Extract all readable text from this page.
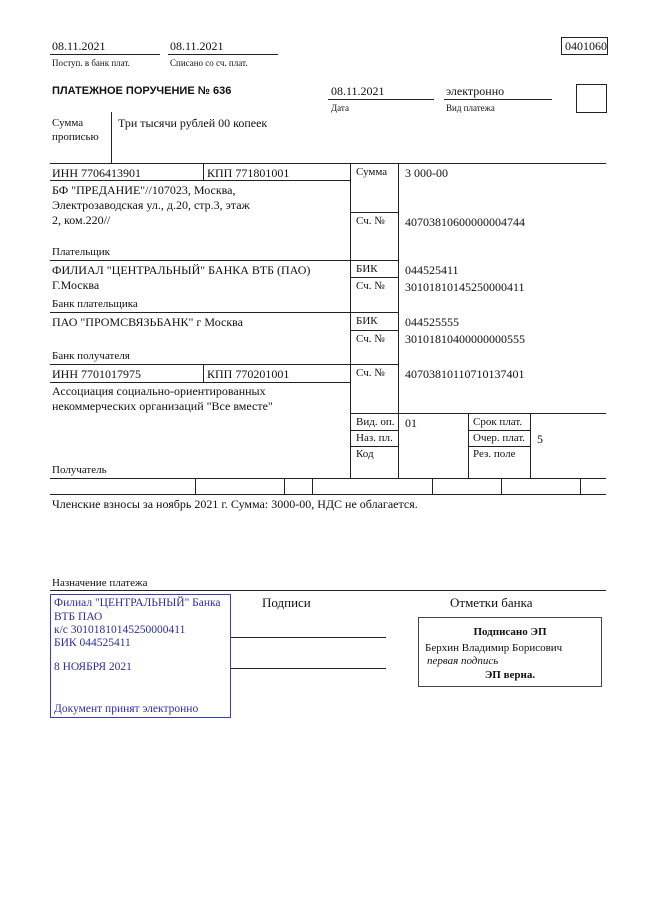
08.11.2021
Поступ. в банк плат.
08.11.2021
Списано со сч. плат.
0401060
ПЛАТЕЖНОЕ ПОРУЧЕНИЕ № 636	08.11.2021
Дата
электронно
Вид платежа
Сумма
прописью
Три тысячи рублей 00 копеек
ИНН 7706413901	КПП 771801001
БФ "ПРЕДАНИЕ"//107023, Москва,
Электрозаводская ул., д.20, стр.3, этаж
2, ком.220//
Плательщик
Сумма 3 000-00
Сч. № 40703810600000004744
ФИЛИАЛ "ЦЕНТРАЛЬНЫЙ" БАНКА ВТБ (ПАО)
Г.Москва
Банк плательщика
БИК 044525411
Сч. № 30101810145250000411
ПАО "ПРОМСВЯЗЬБАНК" г Москва
Банк получателя
БИК 044525555
Сч. № 30101810400000000555
ИНН 7701017975	КПП 770201001
Ассоциация социально-ориентированных
некоммерческих организаций "Все вместе"
Получатель
Сч. № 40703810110710137401
Вид. оп. 01
Наз. пл.
Код
Срок плат.
Очер. плат. 5
Рез. поле
Членские взносы за ноябрь 2021 г. Сумма: 3000-00, НДС не облагается.
Назначение платежа
Подписи	Отметки банка
Филиал "ЦЕНТРАЛЬНЫЙ" Банка
ВТБ ПАО
к/с 30101810145250000411
БИК 044525411
8 НОЯБРЯ 2021
Документ принят электронно
Подписано ЭП
Берхин Владимир Борисович
первая подпись
ЭП верна.
